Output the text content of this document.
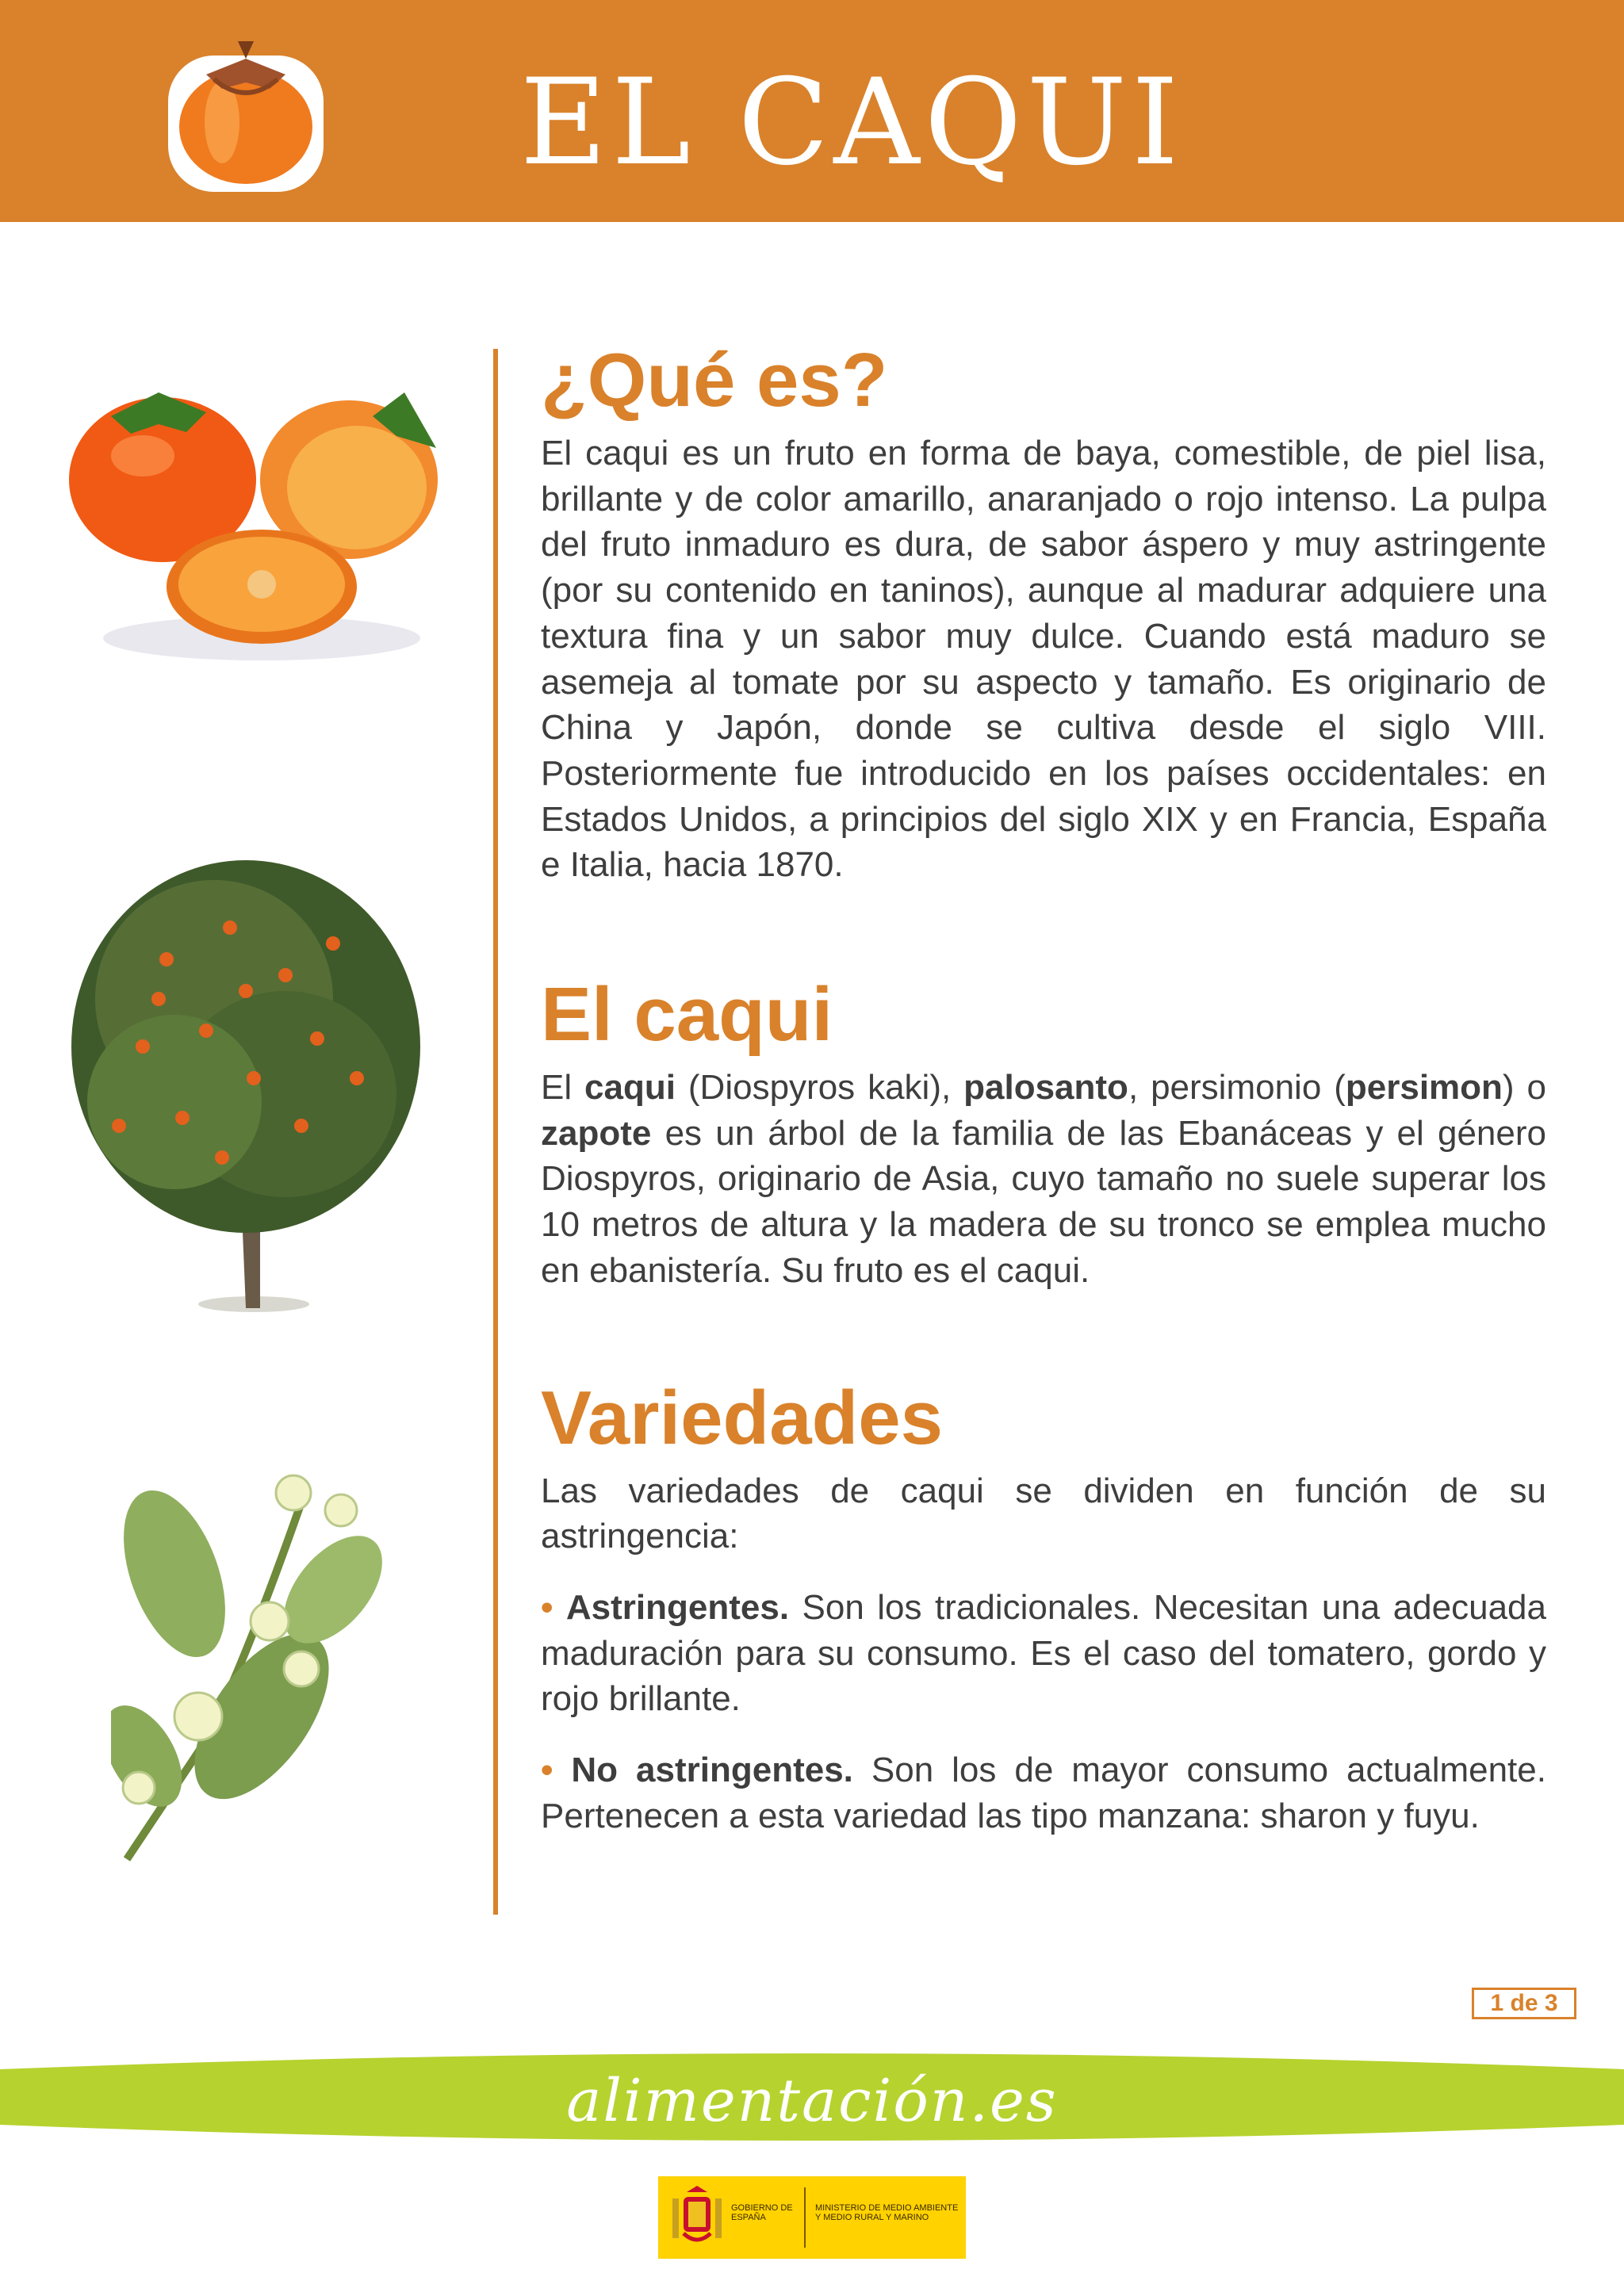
EL CAQUI
¿Qué es?

El caqui es un fruto en forma de baya, comestible, de piel lisa, brillante y de color amarillo, anaranjado o rojo intenso. La pulpa del fruto inmaduro es dura, de sabor áspero y muy astringente (por su contenido en taninos), aunque al madurar adquiere una textura fina y un sabor muy dulce. Cuando está maduro se asemeja al tomate por su aspecto y tamaño. Es originario de China y Japón, donde se cultiva desde el siglo VIII. Posteriormente fue introducido en los países occidentales: en Estados Unidos, a principios del siglo XIX y en Francia, España e Italia, hacia 1870.

El caqui

El caqui (Diospyros kaki), palosanto, persimonio (persimon) o zapote es un árbol de la familia de las Ebanáceas y el género Diospyros, originario de Asia, cuyo tamaño no suele superar los 10 metros de altura y la madera de su tronco se emplea mucho en ebanistería. Su fruto es el caqui.

Variedades

Las variedades de caqui se dividen en función de su astringencia:

• Astringentes. Son los tradicionales. Necesitan una adecuada maduración para su consumo. Es el caso del tomatero, gordo y rojo brillante.

• No astringentes. Son los de mayor consumo actualmente. Pertenecen a esta variedad las tipo manzana: sharon y fuyu.

1 de 3
alimentación.es
GOBIERNO DE ESPAÑA
MINISTERIO DE MEDIO AMBIENTE Y MEDIO RURAL Y MARINO
